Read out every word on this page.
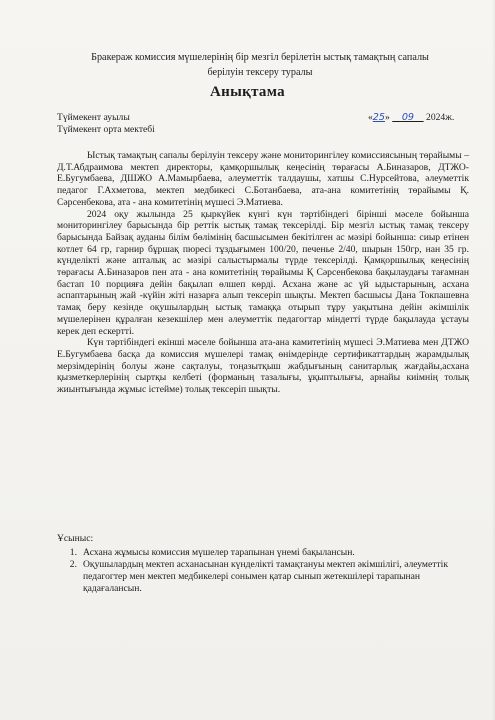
Бракераж комиссия мүшелерінің бір мезгіл берілетін ыстық тамақтың сапалы
берілуін тексеру туралы
Анықтама
Түймекент ауылы
Түймекент орта мектебі
«25» 09 2024ж.

Ыстық тамақтың сапалы берілуін тексеру және мониторингілеу комиссиясының төрайымы – Д.Т.Абдраимова мектеп директоры, қамқоршылық кеңесінің төрағасы А.Биназаров, ДТЖО-Е.Бугумбаева, ДШЖО А.Мамырбаева, әлеуметтік талдаушы, хатшы С.Нурсейтова, әлеуметтік педагог Г.Ахметова, мектеп медбикесі С.Ботанбаева, ата-ана комитетінің төрайымы Қ. Сәрсенбекова, ата - ана комитетінің мүшесі Э.Матиева.

2024 оқу жылында 25 қыркүйек күнгі күн тәртібіндегі бірінші мәселе бойынша мониторингілеу барысында бір реттік ыстық тамақ тексерілді. Бір мезгіл ыстық тамақ тексеру барысында Байзақ ауданы білім бөлімінің басшысымен бекітілген ас мәзірі бойынша: сиыр етінен котлет 64 гр, гарнир бұршақ пюресі тұздығымен 100/20, печенье 2/40, шырын 150гр, нан 35 гр. күнделікті және апталық ас мәзірі салыстырмалы түрде тексерілді. Қамқоршылық кеңесінің төрағасы А.Биназаров пен ата - ана комитетінің төрайымы Қ Сәрсенбекова бақылаудағы тағамнан бастап 10 порцияға дейін бақылап өлшеп көрді. Асхана және ас үй ыдыстарының, асхана аспаптарының жай -күйін жіті назарға алып тексеріп шықты. Мектеп басшысы Дана Токпашевна тамақ беру кезінде оқушылардың ыстық тамаққа отырып тұру уақытына дейін әкімшілік мүшелерінен құралған кезекшілер мен әлеуметтік педагогтар міндетті түрде бақылауда ұстауы керек деп ескертті.

Күн тәртібіндегі екінші мәселе бойынша ата-ана камитетінің мүшесі Э.Матиева мен ДТЖО Е.Бугумбаева басқа да комиссия мүшелері тамақ өнімдерінде сертификаттардың жарамдылық мерзімдерінің болуы және сақталуы, тоңазытқыш жабдығының санитарлық жағдайы,асхана қызметкерлерінің сыртқы келбеті (форманың тазалығы, ұқыптылығы, арнайы киімнің толық жиынтығында жұмыс істейме) толық тексеріп шықты.

Ұсыныс:
1. Асхана жұмысы комиссия мүшелер тарапынан үнемі бақылансын.
2. Оқушылардың мектеп асханасынан күнделікті тамақтануы мектеп әкімшілігі, әлеуметтік педагогтер мен мектеп медбикелері сонымен қатар сынып жетекшілері тарапынан қадағалансын.
